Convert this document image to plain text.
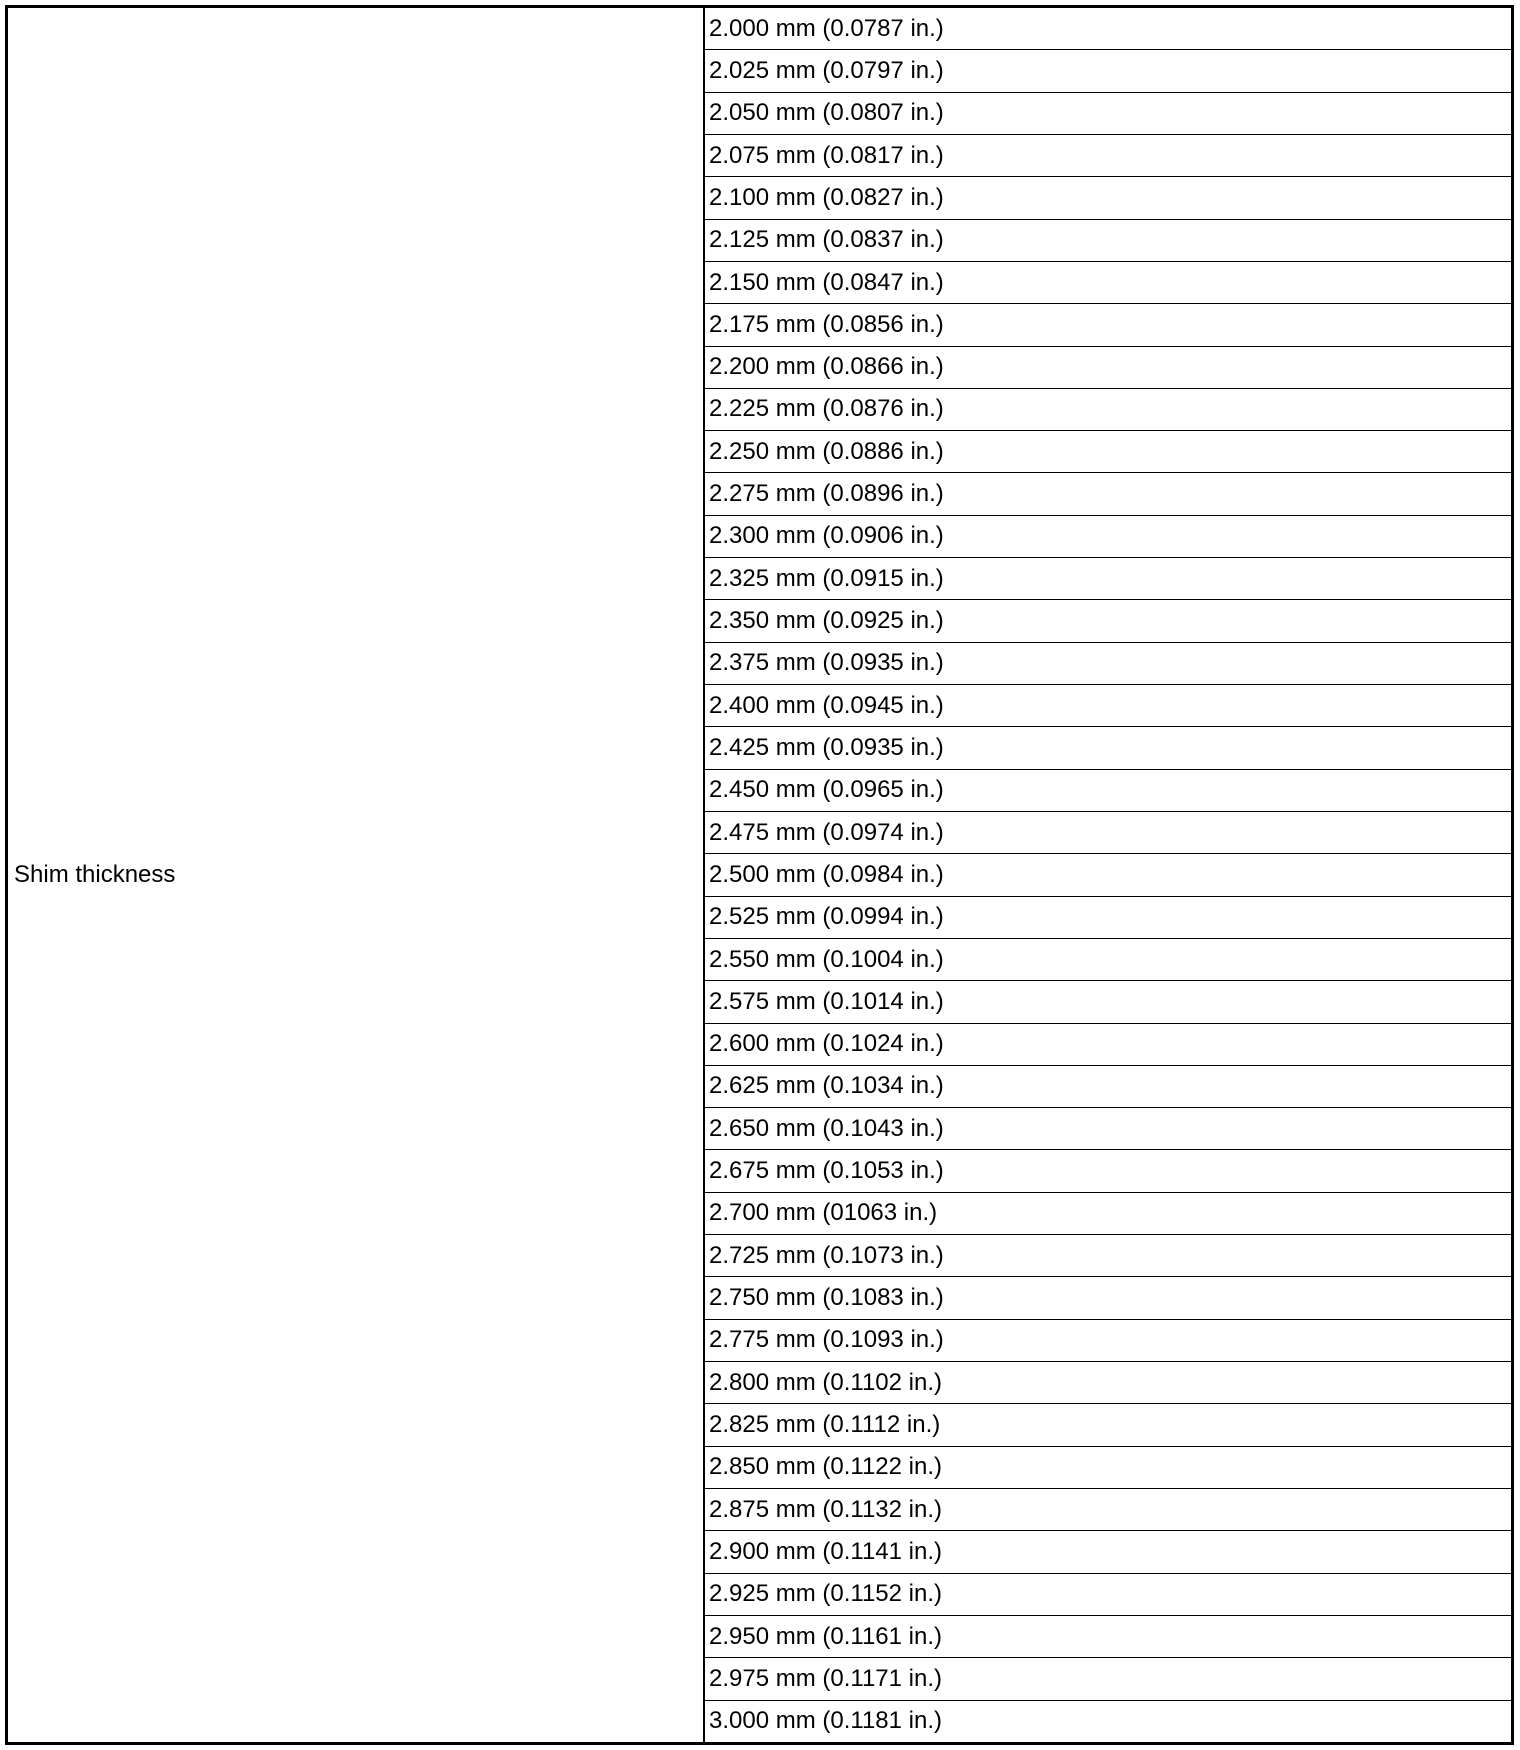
Shim thickness
2.000 mm (0.0787 in.)
2.025 mm (0.0797 in.)
2.050 mm (0.0807 in.)
2.075 mm (0.0817 in.)
2.100 mm (0.0827 in.)
2.125 mm (0.0837 in.)
2.150 mm (0.0847 in.)
2.175 mm (0.0856 in.)
2.200 mm (0.0866 in.)
2.225 mm (0.0876 in.)
2.250 mm (0.0886 in.)
2.275 mm (0.0896 in.)
2.300 mm (0.0906 in.)
2.325 mm (0.0915 in.)
2.350 mm (0.0925 in.)
2.375 mm (0.0935 in.)
2.400 mm (0.0945 in.)
2.425 mm (0.0935 in.)
2.450 mm (0.0965 in.)
2.475 mm (0.0974 in.)
2.500 mm (0.0984 in.)
2.525 mm (0.0994 in.)
2.550 mm (0.1004 in.)
2.575 mm (0.1014 in.)
2.600 mm (0.1024 in.)
2.625 mm (0.1034 in.)
2.650 mm (0.1043 in.)
2.675 mm (0.1053 in.)
2.700 mm (01063 in.)
2.725 mm (0.1073 in.)
2.750 mm (0.1083 in.)
2.775 mm (0.1093 in.)
2.800 mm (0.1102 in.)
2.825 mm (0.1112 in.)
2.850 mm (0.1122 in.)
2.875 mm (0.1132 in.)
2.900 mm (0.1141 in.)
2.925 mm (0.1152 in.)
2.950 mm (0.1161 in.)
2.975 mm (0.1171 in.)
3.000 mm (0.1181 in.)
